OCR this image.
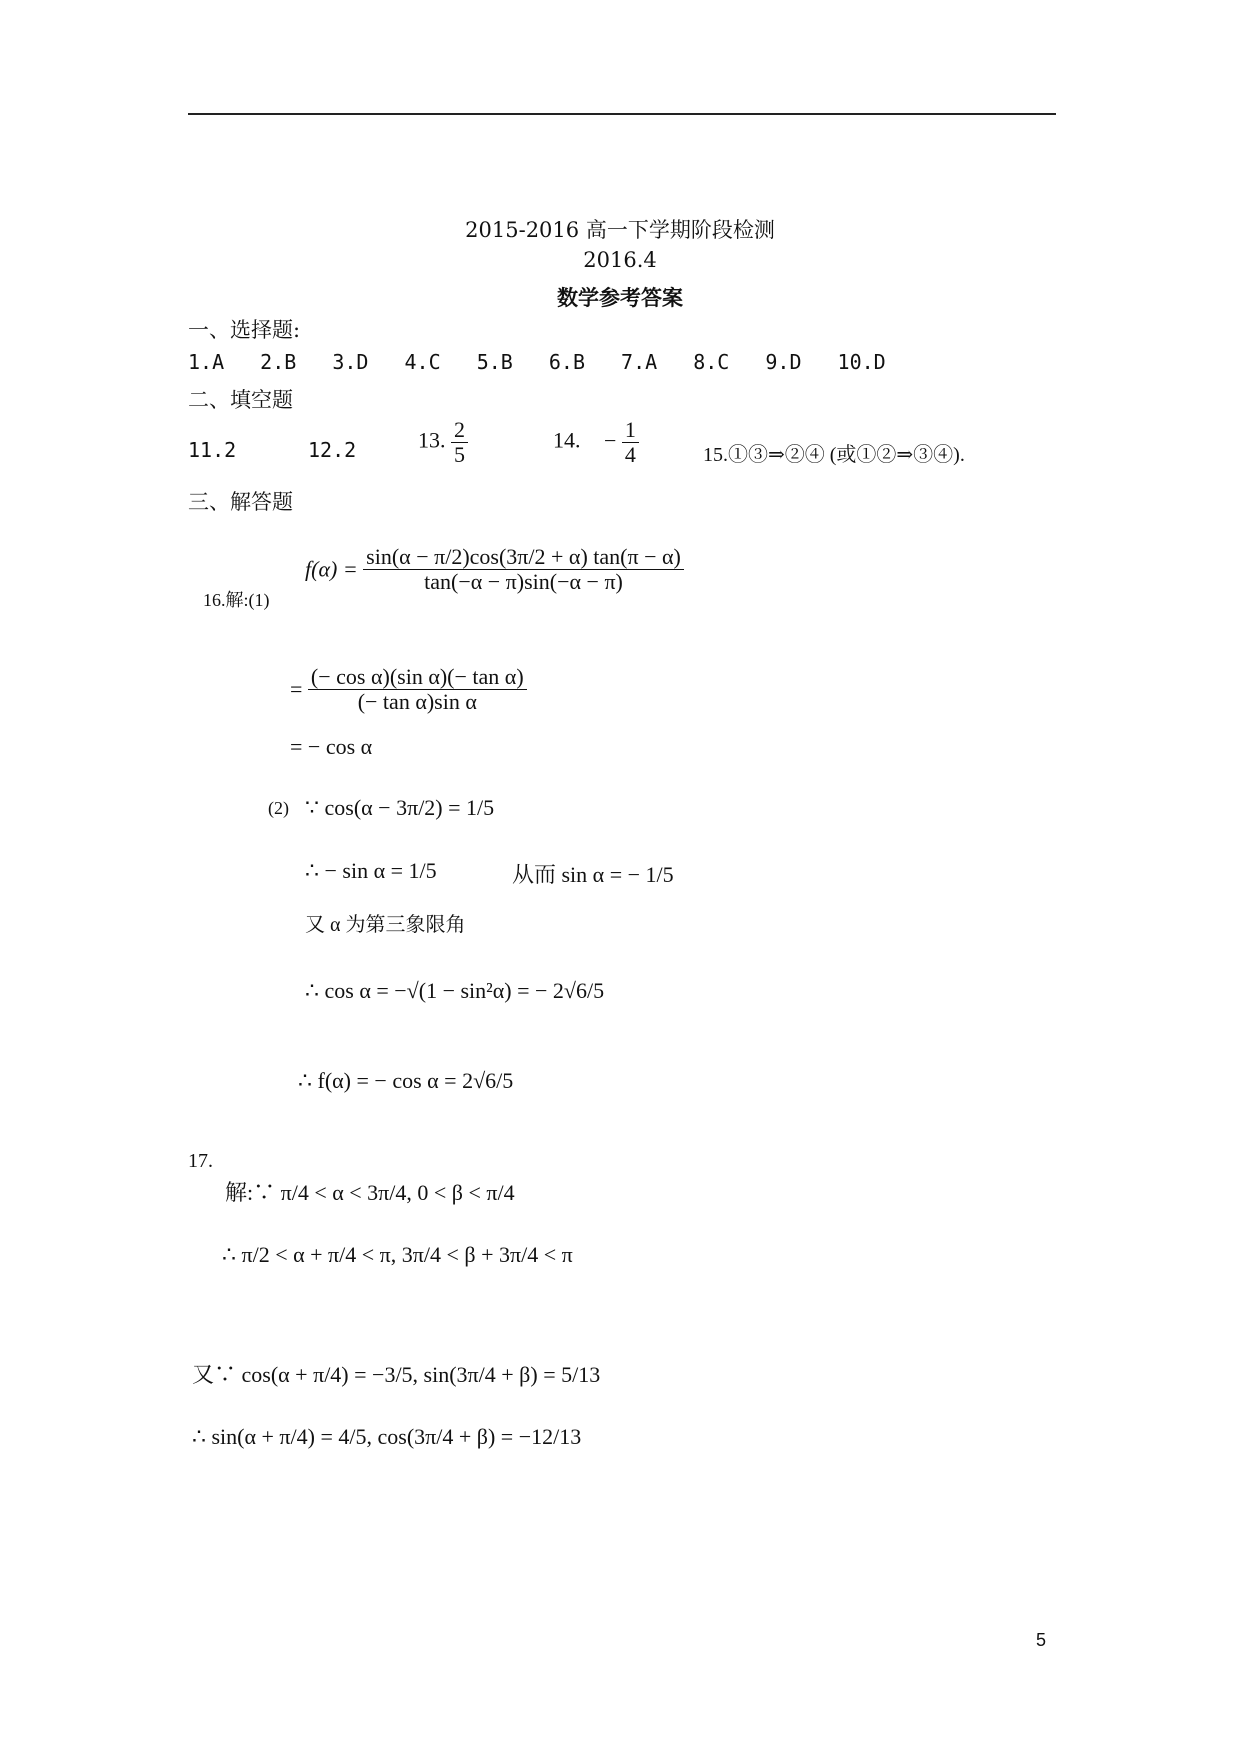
2015-2016 高一下学期阶段检测
2016.4
数学参考答案
一、选择题:
1.A 2.B 3.D 4.C 5.B 6.B 7.A 8.C 9.D 10.D
二、填空题
11.2	12.2	13. $\frac{2}{5}$	14. − $\frac{1}{4}$	15.①③⇒②④ (或①②⇒③④).
三、解答题
16.解:(1)
$f(\alpha) = \frac{\sin(\alpha - \pi/2)\cos(3\pi/2 + \alpha) \tan(\pi - \alpha)}{\tan(-\alpha - \pi)\sin(-\alpha - \pi)}$
= $\frac{\text{(− cos α)(sin α)(− tan α)}}{\text{(− tan α)sin α}}$
= − cos α
(2) ∵ cos(α − 3π/2) = 1/5
∴ − sin α = 1/5	从而 sin α = − 1/5
又 α 为第三象限角
∴ cos α = −√(1 − sin²α) = − 2√6/5
∴ f(α) = − cos α = 2√6/5
17.
解:∵ π/4 < α < 3π/4, 0 < β < π/4
∴ π/2 < α + π/4 < π, 3π/4 < β + 3π/4 < π
又∵ cos(α + π/4) = −3/5, sin(3π/4 + β) = 5/13
∴ sin(α + π/4) = 4/5, cos(3π/4 + β) = −12/13
5
